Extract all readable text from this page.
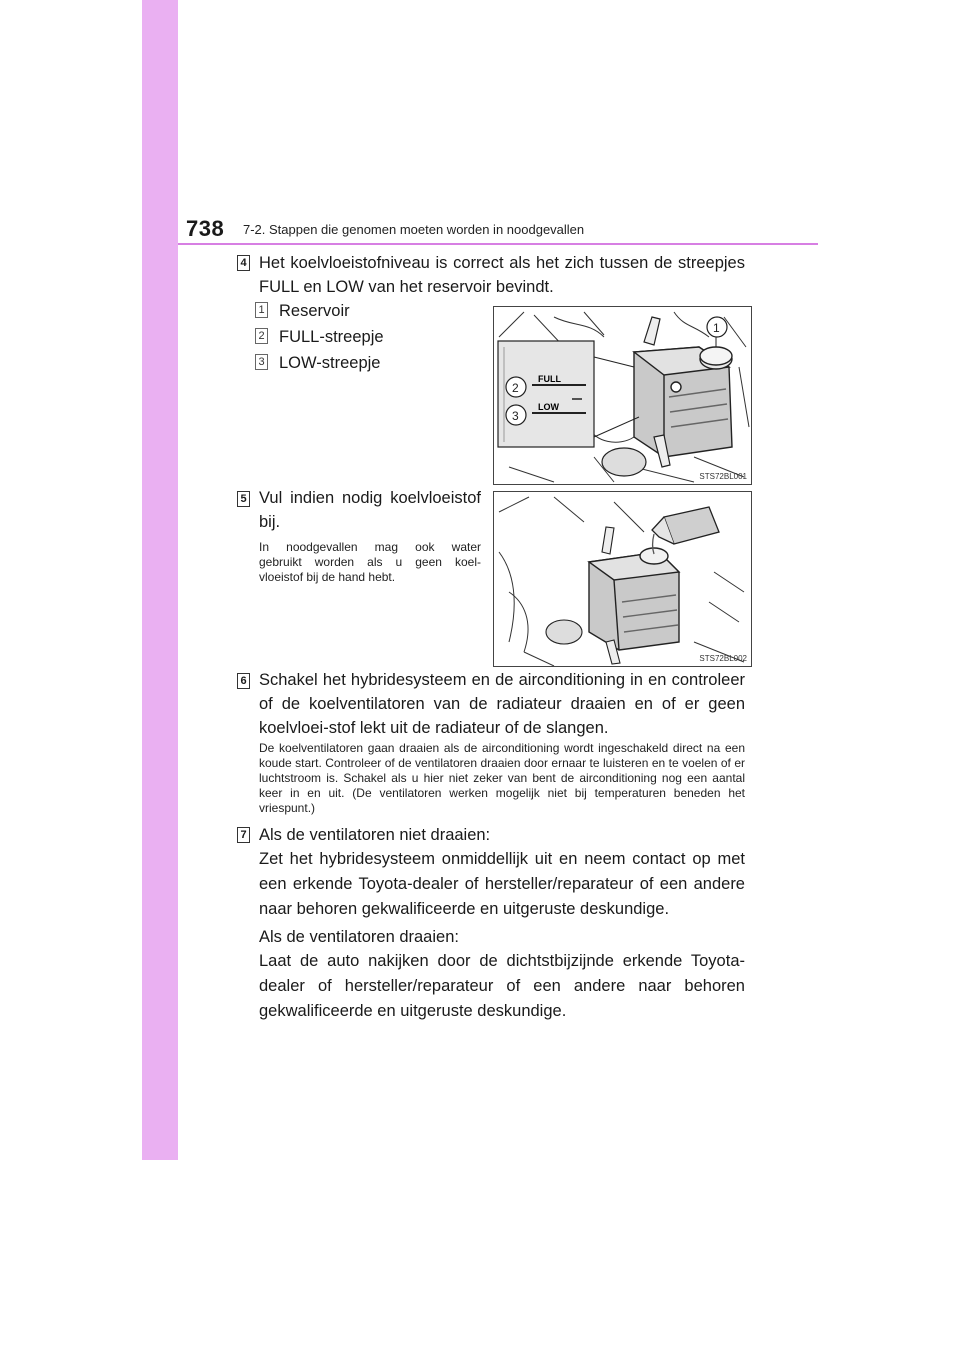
738 7-2. Stappen die genomen moeten worden in noodgevallen
4 Het koelvloeistofniveau is correct als het zich tussen de streepjes FULL en LOW van het reservoir bevindt.
1 Reservoir
2 FULL-streepje
3 LOW-streepje
FULL
LOW
1
2
3
STS72BL001
5 Vul indien nodig koelvloeistof
bij.
In noodgevallen mag ook water
gebruikt worden als u geen koel-
vloeistof bij de hand hebt.
STS72BL002
6 Schakel het hybridesysteem en de airconditioning in en controleer of de koelventilatoren van de radiateur draaien en of er geen koelvloei-stof lekt uit de radiateur of de slangen.
De koelventilatoren gaan draaien als de airconditioning wordt ingeschakeld direct na een koude start. Controleer of de ventilatoren draaien door ernaar te luisteren en te voelen of er luchtstroom is. Schakel als u hier niet zeker van bent de airconditioning nog een aantal keer in en uit. (De ventilatoren werken mogelijk niet bij temperaturen beneden het vriespunt.)
7 Als de ventilatoren niet draaien:
Zet het hybridesysteem onmiddellijk uit en neem contact op met een erkende Toyota-dealer of hersteller/reparateur of een andere naar behoren gekwalificeerde en uitgeruste deskundige.
Als de ventilatoren draaien:
Laat de auto nakijken door de dichtstbijzijnde erkende Toyota-dealer of hersteller/reparateur of een andere naar behoren gekwalificeerde en uitgeruste deskundige.
